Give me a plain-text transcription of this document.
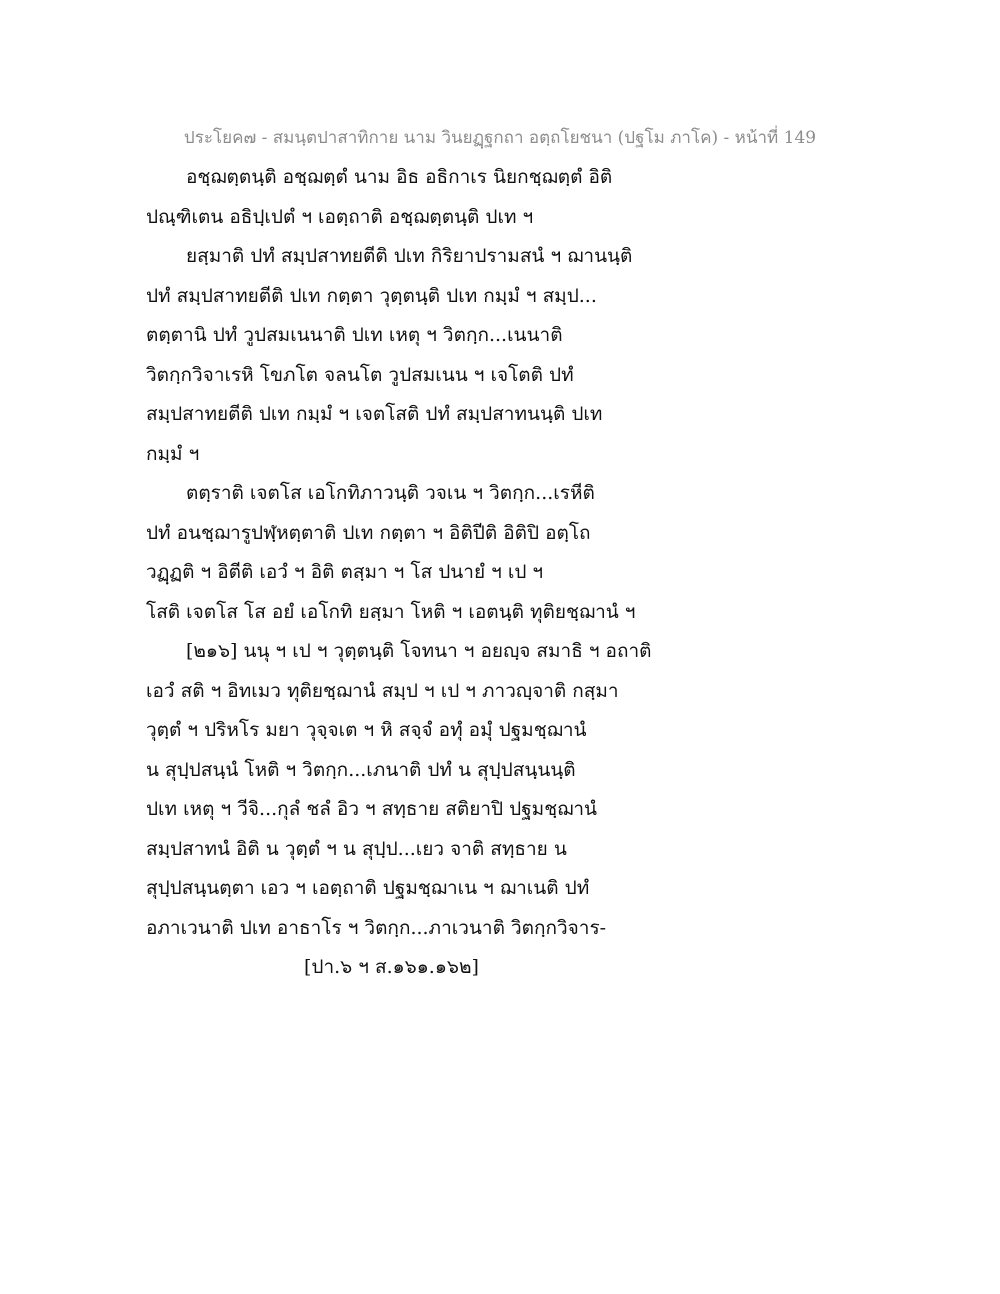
ประโยค๗ - สมนฺตปาสาทิกาย นาม วินยฏฺฐกถา อตฺถโยชนา (ปฐโม ภาโค) - หน้าที่ 149
อชฺฌตฺตนฺติ อชฺฌตฺตํ นาม อิธ อธิกาเร นิยกชฺฌตฺตํ อิติ
ปณฺฑิเตน อธิปฺเปตํ ฯ เอตฺถาติ อชฺฌตฺตนฺติ ปเท ฯ
ยสฺมาติ ปทํ สมฺปสาทยตีติ ปเท กิริยาปรามสนํ ฯ ฌานนฺติ
ปทํ สมฺปสาทยตีติ ปเท กตฺตา วุตฺตนฺติ ปเท กมฺมํ ฯ สมฺป...
ตตฺตานิ ปทํ วูปสมเนนาติ ปเท เหตุ ฯ วิตกฺก...เนนาติ
วิตกฺกวิจาเรหิ โขภโต จลนโต วูปสมเนน ฯ เจโตติ ปทํ
สมฺปสาทยตีติ ปเท กมฺมํ ฯ เจตโสติ ปทํ สมฺปสาทนนฺติ ปเท
กมฺมํ ฯ
ตตฺราติ เจตโส เอโกทิภาวนฺติ วจเน ฯ วิตกฺก...เรหีติ
ปทํ อนชฺฌารูปฬฺหตฺตาติ ปเท กตฺตา ฯ อิติปีติ อิติปิ อตฺโถ
วฏฺฏติ ฯ อิตีติ เอวํ ฯ อิติ ตสฺมา ฯ โส ปนายํ ฯ เป ฯ
โสติ เจตโส โส อยํ เอโกทิ ยสฺมา โหติ ฯ เอตนฺติ ทุติยชฺฌานํ ฯ
[๒๑๖] นนุ ฯ เป ฯ วุตฺตนฺติ โจทนา ฯ อยญฺจ สมาธิ ฯ อถาติ
เอวํ สติ ฯ อิทเมว ทุติยชฺฌานํ สมฺป ฯ เป ฯ ภาวญฺจาติ กสฺมา
วุตฺตํ ฯ ปริหโร มยา วุจฺจเต ฯ หิ สจฺจํ อทุํ อมุํ ปฐมชฺฌานํ
น สุปฺปสนฺนํ โหติ ฯ วิตกฺก...เภนาติ ปทํ น สุปฺปสนฺนนฺติ
ปเท เหตุ ฯ วีจิ...กุลํ ชลํ อิว ฯ สทฺธาย สติยาปิ ปฐมชฺฌานํ
สมฺปสาทนํ อิติ น วุตฺตํ ฯ น สุปฺป...เยว จาติ สทฺธาย น
สุปฺปสนฺนตฺตา เอว ฯ เอตฺถาติ ปฐมชฺฌาเน ฯ ฌาเนติ ปทํ
อภาเวนาติ ปเท อาธาโร ฯ วิตกฺก...ภาเวนาติ วิตกฺกวิจาร-
[ปา.๖ ฯ ส.๑๖๑.๑๖๒]
